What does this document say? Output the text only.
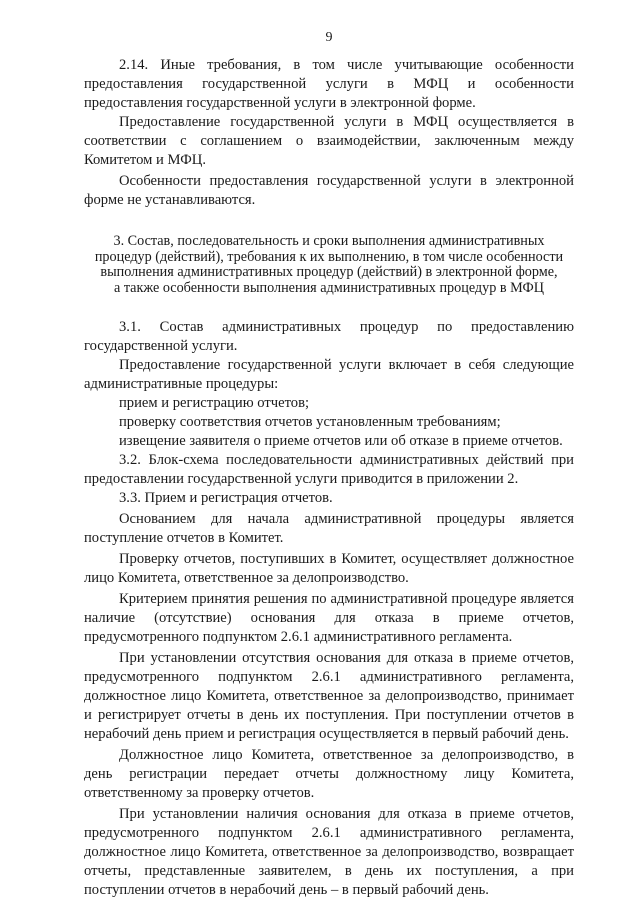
9

2.14. Иные требования, в том числе учитывающие особенности предоставления государственной услуги в МФЦ и особенности предоставления государственной услуги в электронной форме.

Предоставление государственной услуги в МФЦ осуществляется в соответствии с соглашением о взаимодействии, заключенным между Комитетом и МФЦ.

Особенности предоставления государственной услуги в электронной форме не устанавливаются.

3. Состав, последовательность и сроки выполнения административных
процедур (действий), требования к их выполнению, в том числе особенности
выполнения административных процедур (действий) в электронной форме,
а также особенности выполнения административных процедур в МФЦ

3.1. Состав административных процедур по предоставлению государственной услуги.

Предоставление государственной услуги включает в себя следующие административные процедуры:

прием и регистрацию отчетов;

проверку соответствия отчетов установленным требованиям;

извещение заявителя о приеме отчетов или об отказе в приеме отчетов.

3.2. Блок-схема последовательности административных действий при предоставлении государственной услуги приводится в приложении 2.

3.3. Прием и регистрация отчетов.

Основанием для начала административной процедуры является поступление отчетов в Комитет.

Проверку отчетов, поступивших в Комитет, осуществляет должностное лицо Комитета, ответственное за делопроизводство.

Критерием принятия решения по административной процедуре является наличие (отсутствие) основания для отказа в приеме отчетов, предусмотренного подпунктом 2.6.1 административного регламента.

При установлении отсутствия основания для отказа в приеме отчетов, предусмотренного подпунктом 2.6.1 административного регламента, должностное лицо Комитета, ответственное за делопроизводство, принимает и регистрирует отчеты в день их поступления. При поступлении отчетов в нерабочий день прием и регистрация осуществляется в первый рабочий день.

Должностное лицо Комитета, ответственное за делопроизводство, в день регистрации передает отчеты должностному лицу Комитета, ответственному за проверку отчетов.

При установлении наличия основания для отказа в приеме отчетов, предусмотренного подпунктом 2.6.1 административного регламента, должностное лицо Комитета, ответственное за делопроизводство, возвращает отчеты, представленные заявителем, в день их поступления, а при поступлении отчетов в нерабочий день – в первый рабочий день.
